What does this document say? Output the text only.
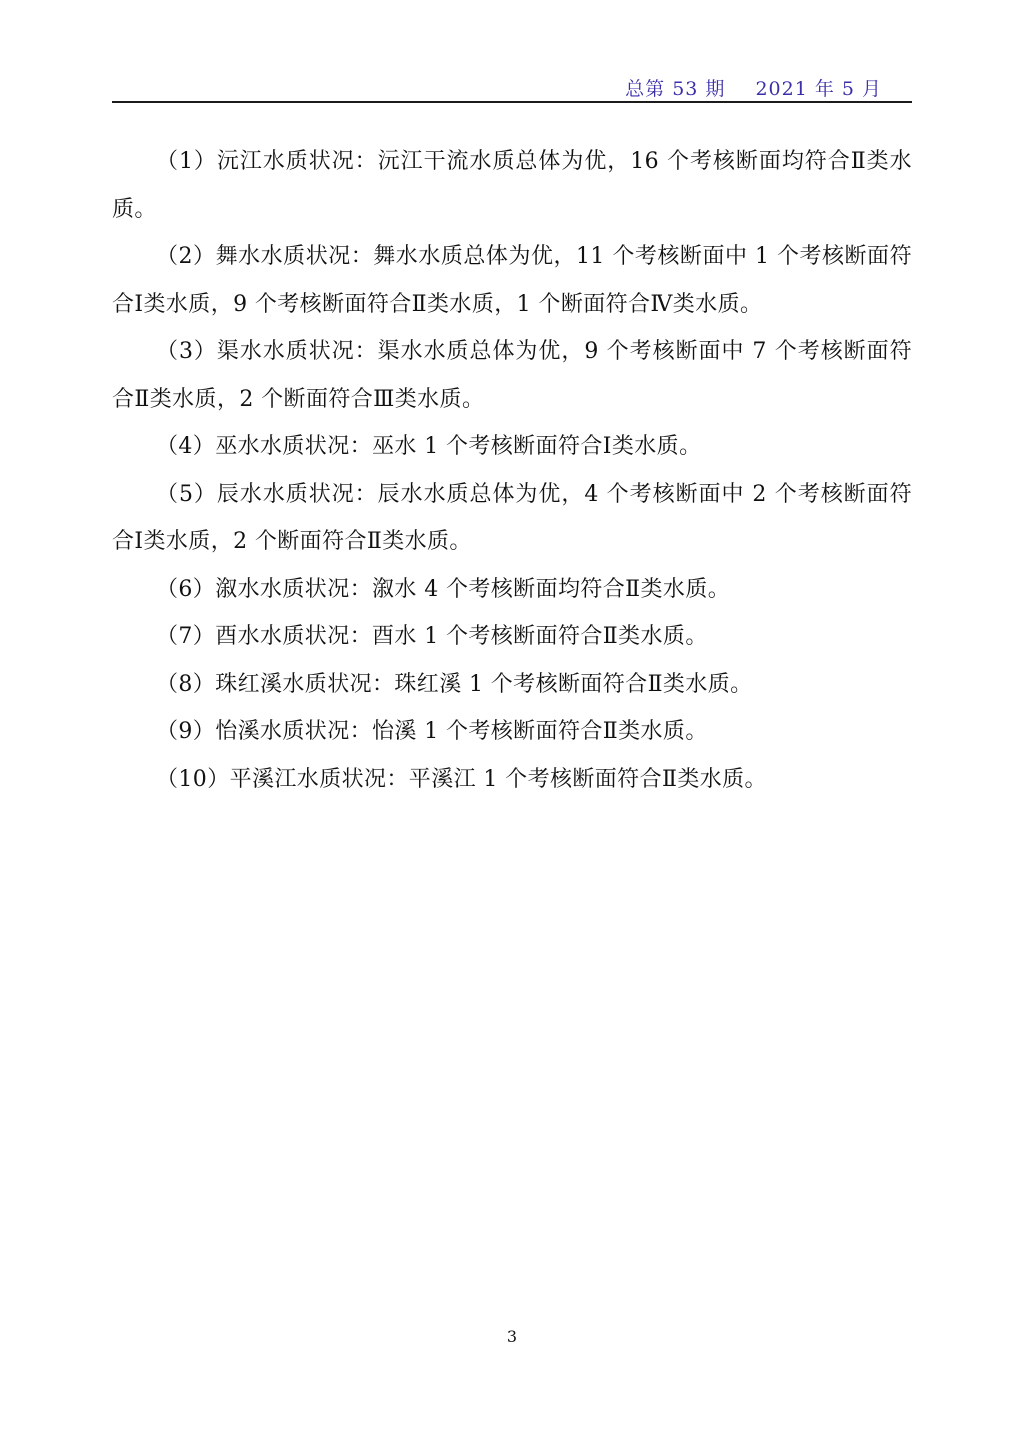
总第 53 期 2021 年 5 月

（1）沅江水质状况：沅江干流水质总体为优，16 个考核断面均符合Ⅱ类水质。

（2）舞水水质状况：舞水水质总体为优，11 个考核断面中 1 个考核断面符合Ⅰ类水质，9 个考核断面符合Ⅱ类水质，1 个断面符合Ⅳ类水质。

（3）渠水水质状况：渠水水质总体为优，9 个考核断面中 7 个考核断面符合Ⅱ类水质，2 个断面符合Ⅲ类水质。

（4）巫水水质状况：巫水 1 个考核断面符合Ⅰ类水质。

（5）辰水水质状况：辰水水质总体为优，4 个考核断面中 2 个考核断面符合Ⅰ类水质，2 个断面符合Ⅱ类水质。

（6）溆水水质状况：溆水 4 个考核断面均符合Ⅱ类水质。

（7）酉水水质状况：酉水 1 个考核断面符合Ⅱ类水质。

（8）珠红溪水质状况：珠红溪 1 个考核断面符合Ⅱ类水质。

（9）怡溪水质状况：怡溪 1 个考核断面符合Ⅱ类水质。

（10）平溪江水质状况：平溪江 1 个考核断面符合Ⅱ类水质。

3
